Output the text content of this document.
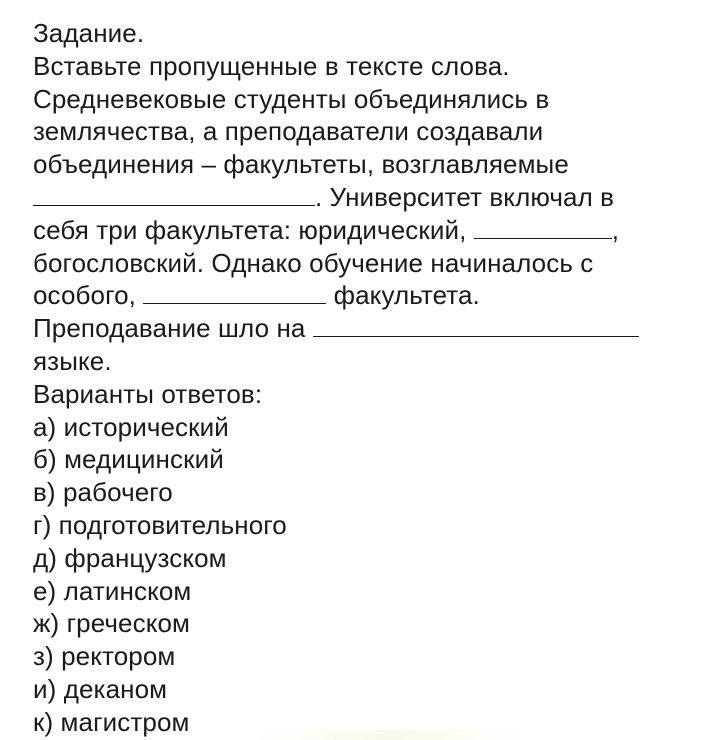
Задание.
Вставьте пропущенные в тексте слова.
Средневековые студенты объединялись в
землячества, а преподаватели создавали
объединения – факультеты, возглавляемые
. Университет включал в
себя три факультета: юридический,	,
богословский. Однако обучение начиналось с
особого,	факультета.
Преподавание шло на
языке.
Варианты ответов:
а) исторический
б) медицинский
в) рабочего
г) подготовительного
д) французском
е) латинском
ж) греческом
з) ректором
и) деканом
к) магистром
